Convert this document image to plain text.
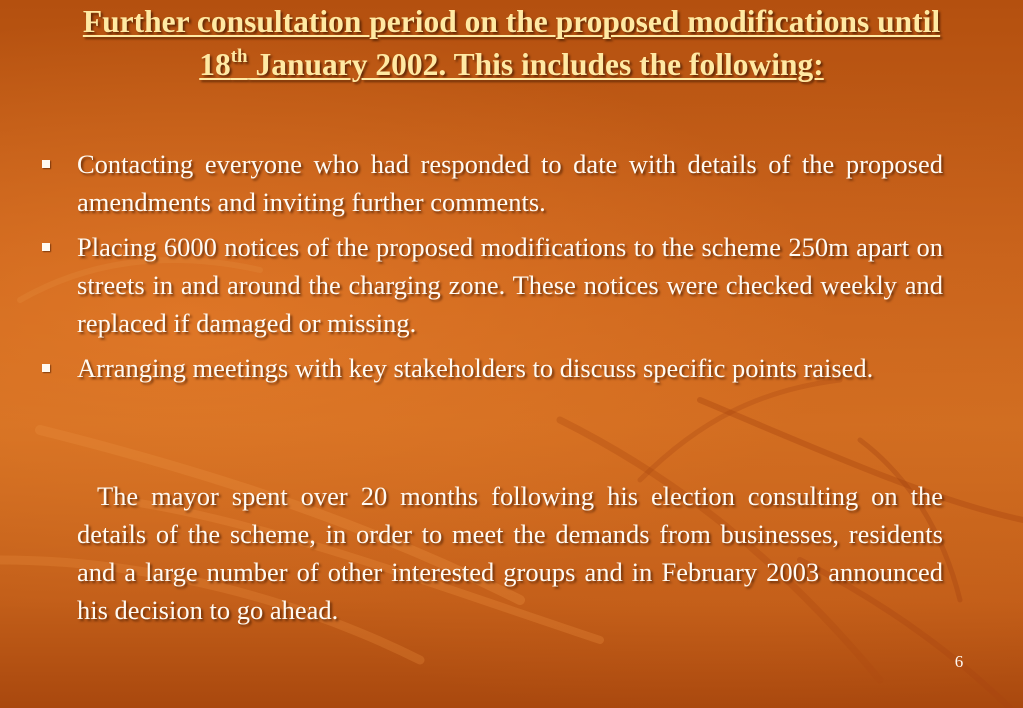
Further consultation period on the proposed modifications until 18th January 2002. This includes the following:
Contacting everyone who had responded to date with details of the proposed amendments and inviting further comments.
Placing 6000 notices of the proposed modifications to the scheme 250m apart on streets in and around the charging zone. These notices were checked weekly and replaced if damaged or missing.
Arranging meetings with key stakeholders to discuss specific points raised.

The mayor spent over 20 months following his election consulting on the details of the scheme, in order to meet the demands from businesses, residents and a large number of other interested groups and in February 2003 announced his decision to go ahead.

6
